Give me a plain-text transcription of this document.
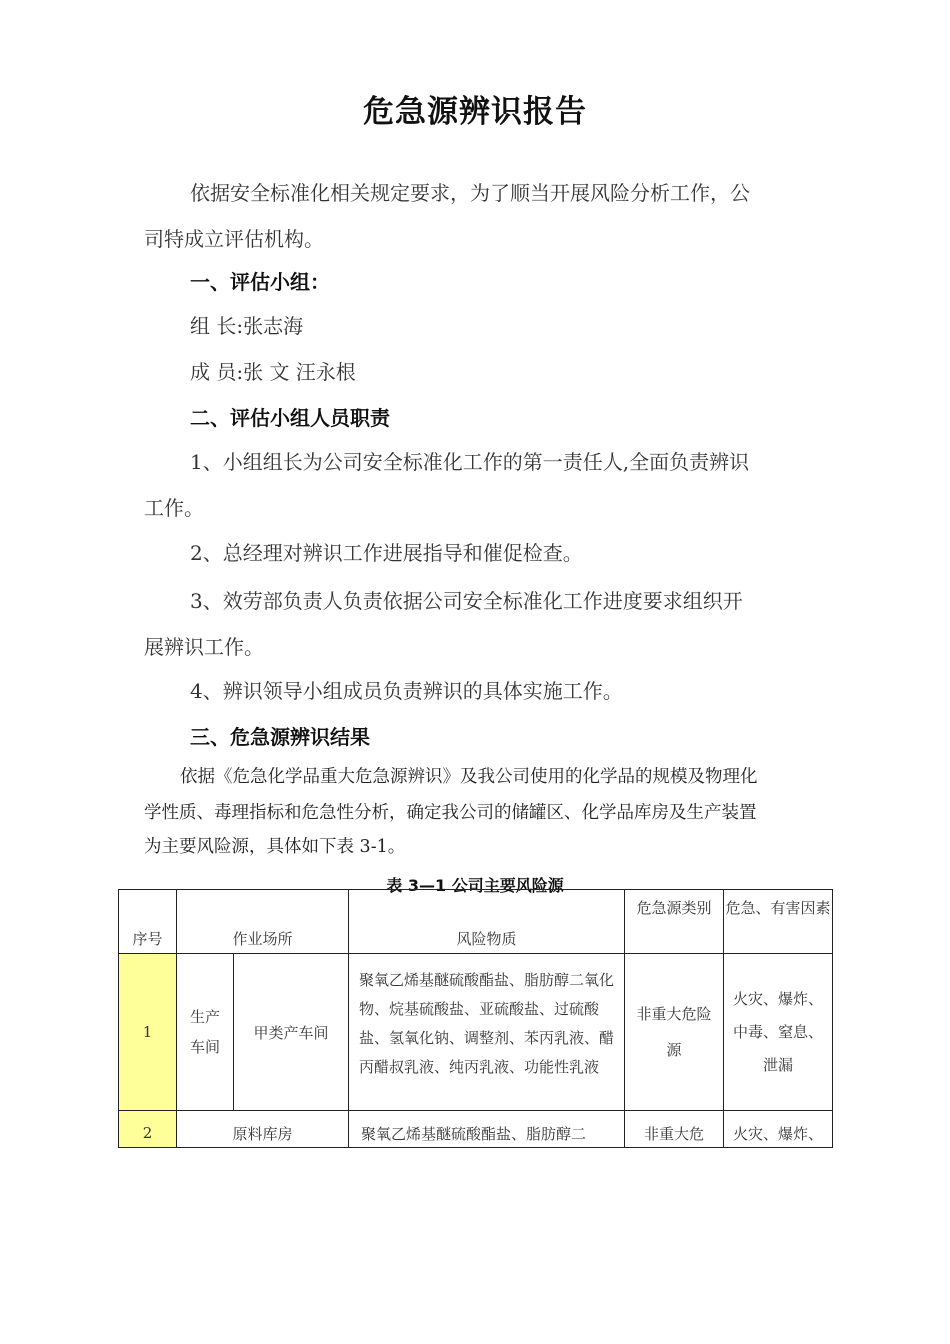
危急源辨识报告
依据安全标准化相关规定要求，为了顺当开展风险分析工作，公
司特成立评估机构。
一、评估小组：
组 长:张志海
成 员:张 文 汪永根
二、评估小组人员职责
1、小组组长为公司安全标准化工作的第一责任人,全面负责辨识
工作。
2、总经理对辨识工作进展指导和催促检查。
3、效劳部负责人负责依据公司安全标准化工作进度要求组织开
展辨识工作。
4、辨识领导小组成员负责辨识的具体实施工作。
三、危急源辨识结果
依据《危急化学品重大危急源辨识》及我公司使用的化学品的规模及物理化
学性质、毒理指标和危急性分析，确定我公司的储罐区、化学品库房及生产装置
为主要风险源，具体如下表 3-1。
表 3—1 公司主要风险源
序号	作业场所		风险物质	危急源类别	危急、有害因素
1	生产车间	甲类产车间	聚氧乙烯基醚硫酸酯盐、脂肪醇二氧化物、烷基硫酸盐、亚硫酸盐、过硫酸盐、氢氧化钠、调整剂、苯丙乳液、醋丙醋叔乳液、纯丙乳液、功能性乳液	非重大危险源	火灾、爆炸、中毒、窒息、泄漏
2	原料库房		聚氧乙烯基醚硫酸酯盐、脂肪醇二	非重大危	火灾、爆炸、
